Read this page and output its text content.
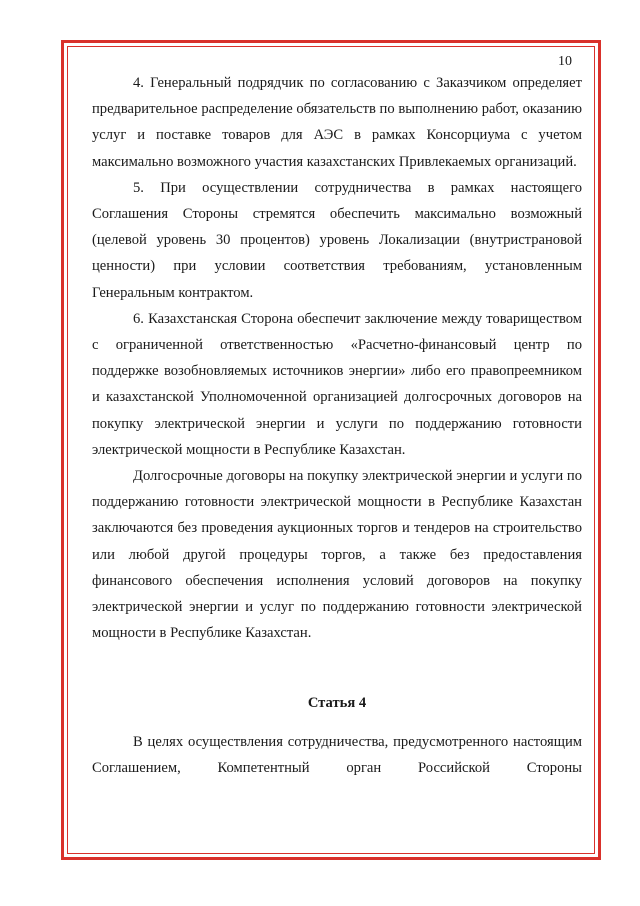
10

4. Генеральный подрядчик по согласованию с Заказчиком определяет предварительное распределение обязательств по выполнению работ, оказанию услуг и поставке товаров для АЭС в рамках Консорциума с учетом максимально возможного участия казахстанских Привлекаемых организаций.

5. При осуществлении сотрудничества в рамках настоящего Соглашения Стороны стремятся обеспечить максимально возможный (целевой уровень 30 процентов) уровень Локализации (внутристрановой ценности) при условии соответствия требованиям, установленным Генеральным контрактом.

6. Казахстанская Сторона обеспечит заключение между товариществом с ограниченной ответственностью «Расчетно-финансовый центр по поддержке возобновляемых источников энергии» либо его правопреемником и казахстанской Уполномоченной организацией долгосрочных договоров на покупку электрической энергии и услуги по поддержанию готовности электрической мощности в Республике Казахстан.

Долгосрочные договоры на покупку электрической энергии и услуги по поддержанию готовности электрической мощности в Республике Казахстан заключаются без проведения аукционных торгов и тендеров на строительство или любой другой процедуры торгов, а также без предоставления финансового обеспечения исполнения условий договоров на покупку электрической энергии и услуг по поддержанию готовности электрической мощности в Республике Казахстан.

Статья 4

В целях осуществления сотрудничества, предусмотренного настоящим Соглашением, Компетентный орган Российской Стороны
